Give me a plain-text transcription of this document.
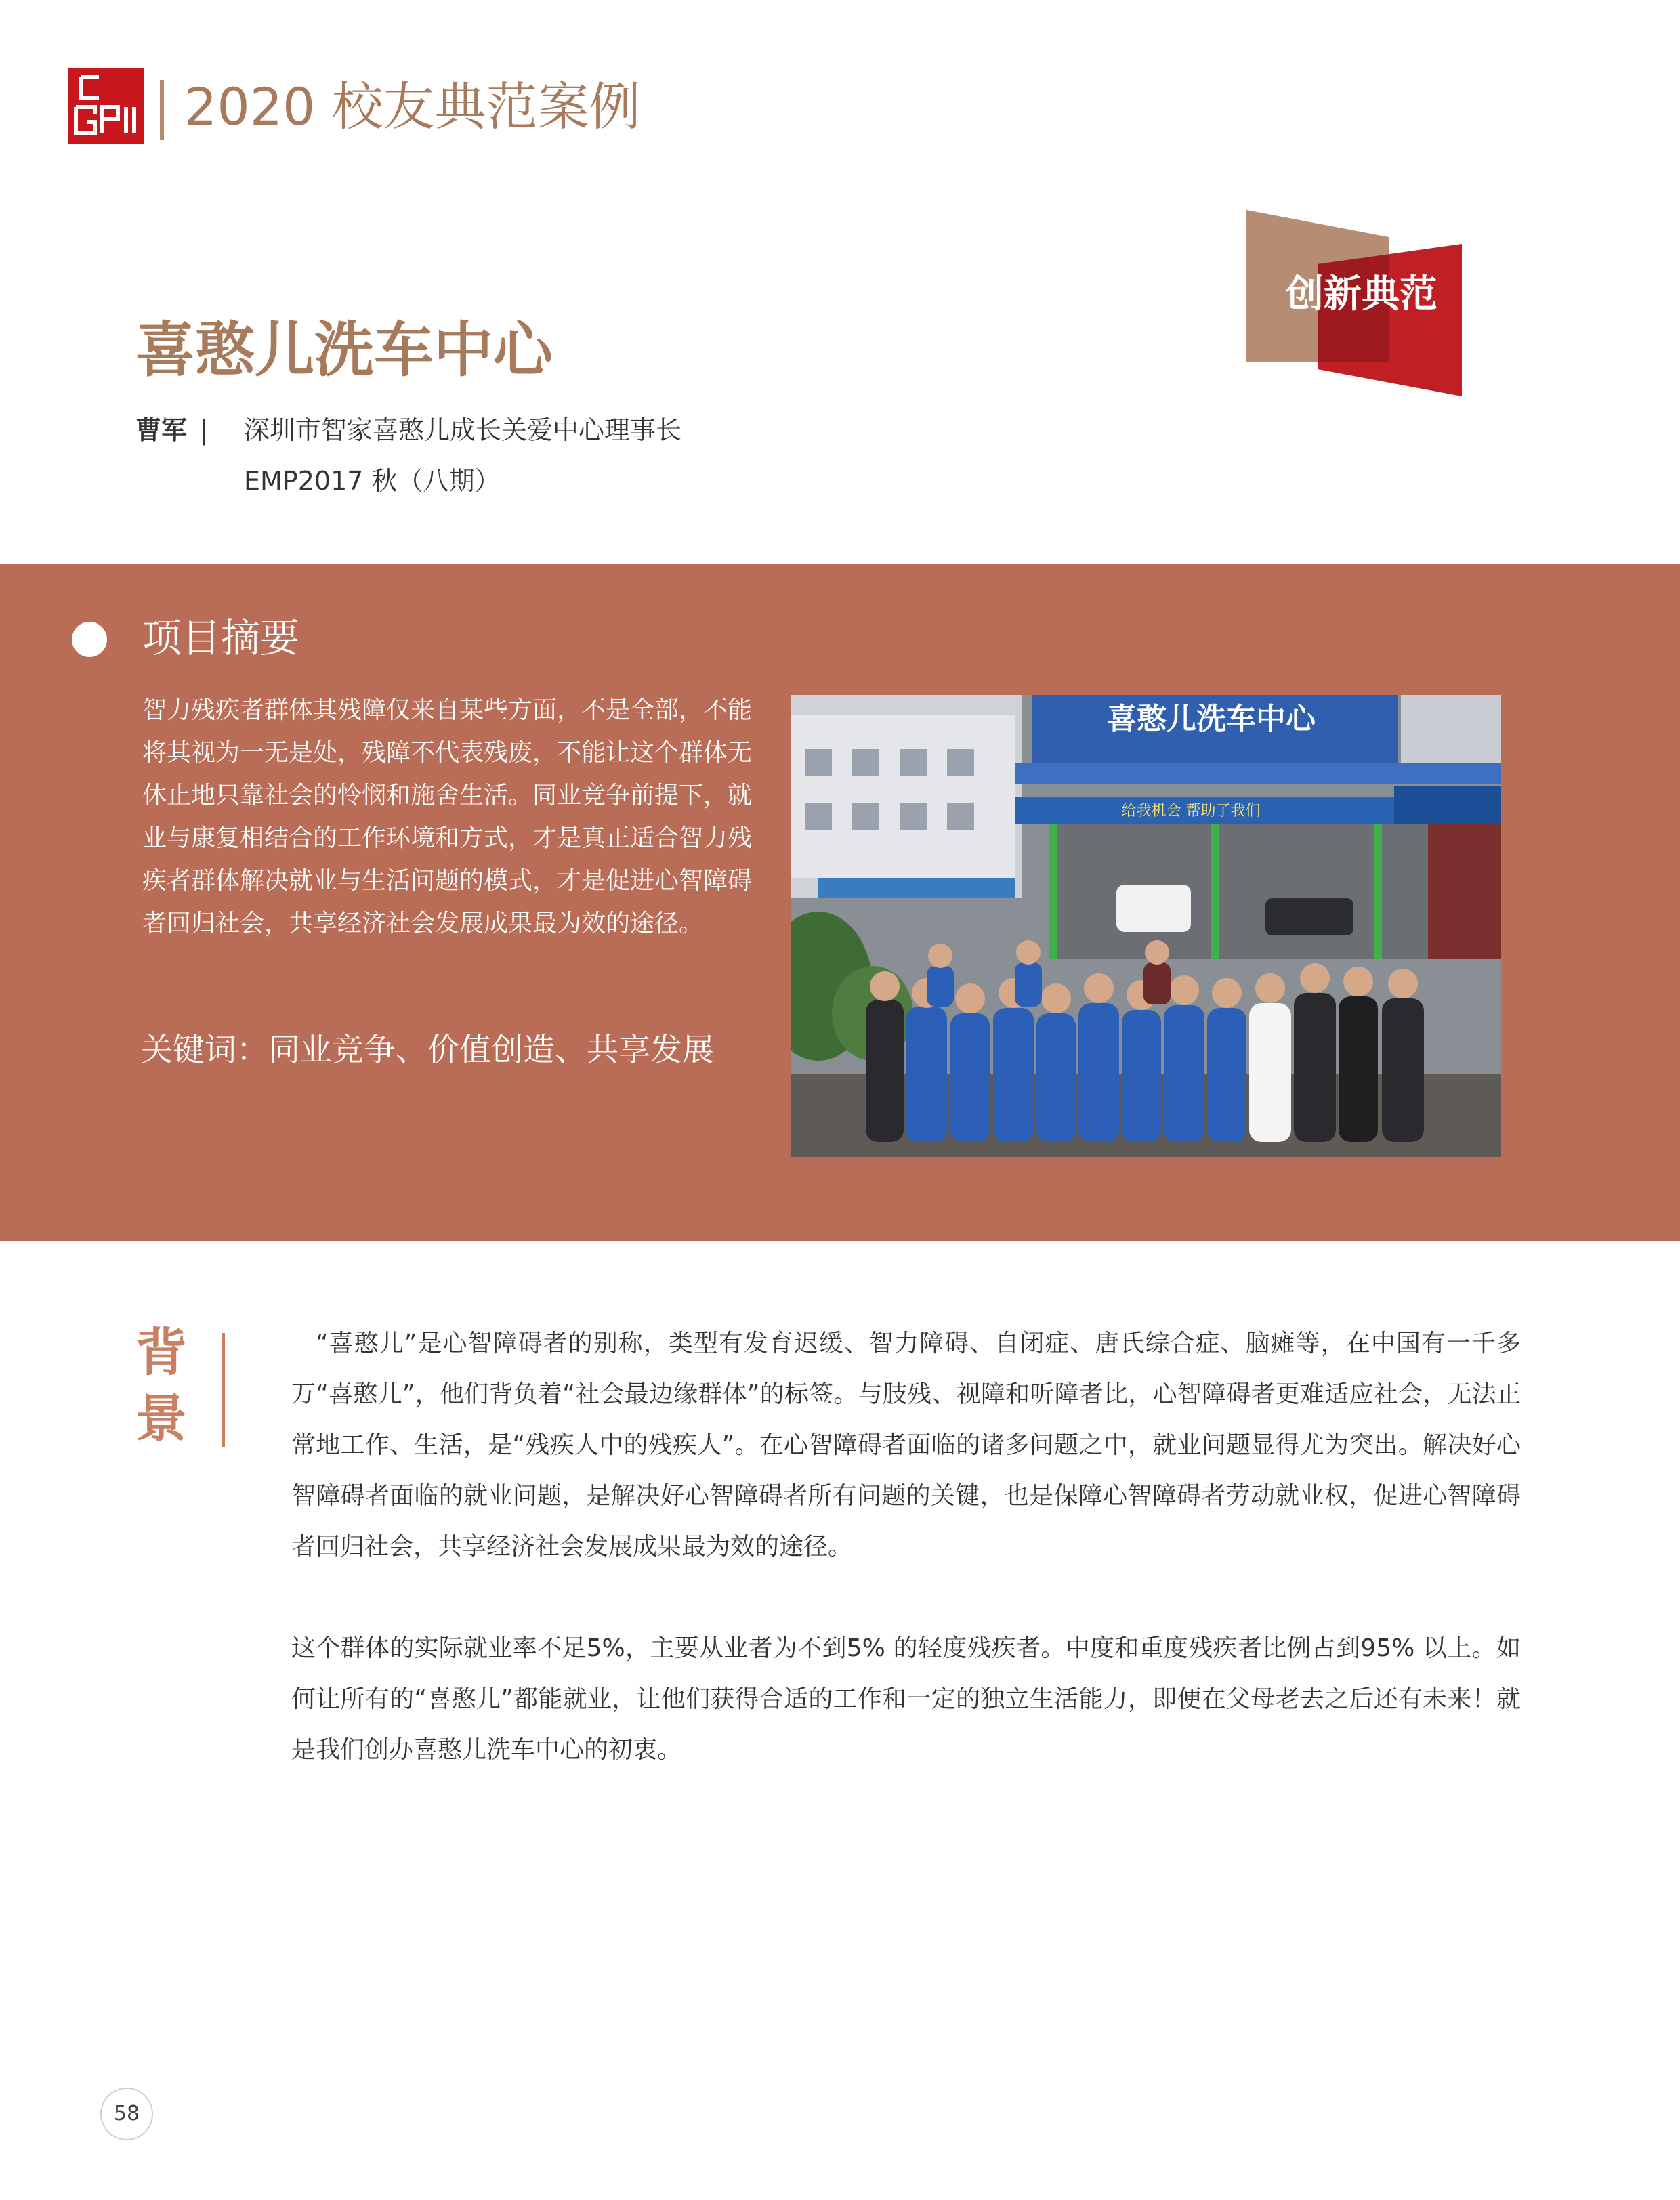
CGPI
2020 校友典范案例
创新典范
喜憨儿洗车中心
曹军 | 深圳市智家喜憨儿成长关爱中心理事长
EMP2017 秋（八期）
项目摘要
智力残疾者群体其残障仅来自某些方面，不是全部，不能将其视为一无是处，残障不代表残废，不能让这个群体无休止地只靠社会的怜悯和施舍生活。同业竞争前提下，就业与康复相结合的工作环境和方式，才是真正适合智力残疾者群体解决就业与生活问题的模式，才是促进心智障碍者回归社会，共享经济社会发展成果最为效的途径。
关键词：同业竞争、价值创造、共享发展
喜憨儿洗车中心
给我机会 帮助了我们
背
景
“喜憨儿”是心智障碍者的别称，类型有发育迟缓、智力障碍、自闭症、唐氏综合症、脑瘫等，在中国有一千多万“喜憨儿”，他们背负着“社会最边缘群体”的标签。与肢残、视障和听障者比，心智障碍者更难适应社会，无法正常地工作、生活，是“残疾人中的残疾人”。在心智障碍者面临的诸多问题之中，就业问题显得尤为突出。解决好心智障碍者面临的就业问题，是解决好心智障碍者所有问题的关键，也是保障心智障碍者劳动就业权，促进心智障碍者回归社会，共享经济社会发展成果最为效的途径。
这个群体的实际就业率不足5%，主要从业者为不到5% 的轻度残疾者。中度和重度残疾者比例占到95% 以上。如何让所有的“喜憨儿”都能就业，让他们获得合适的工作和一定的独立生活能力，即便在父母老去之后还有未来！就是我们创办喜憨儿洗车中心的初衷。
58
